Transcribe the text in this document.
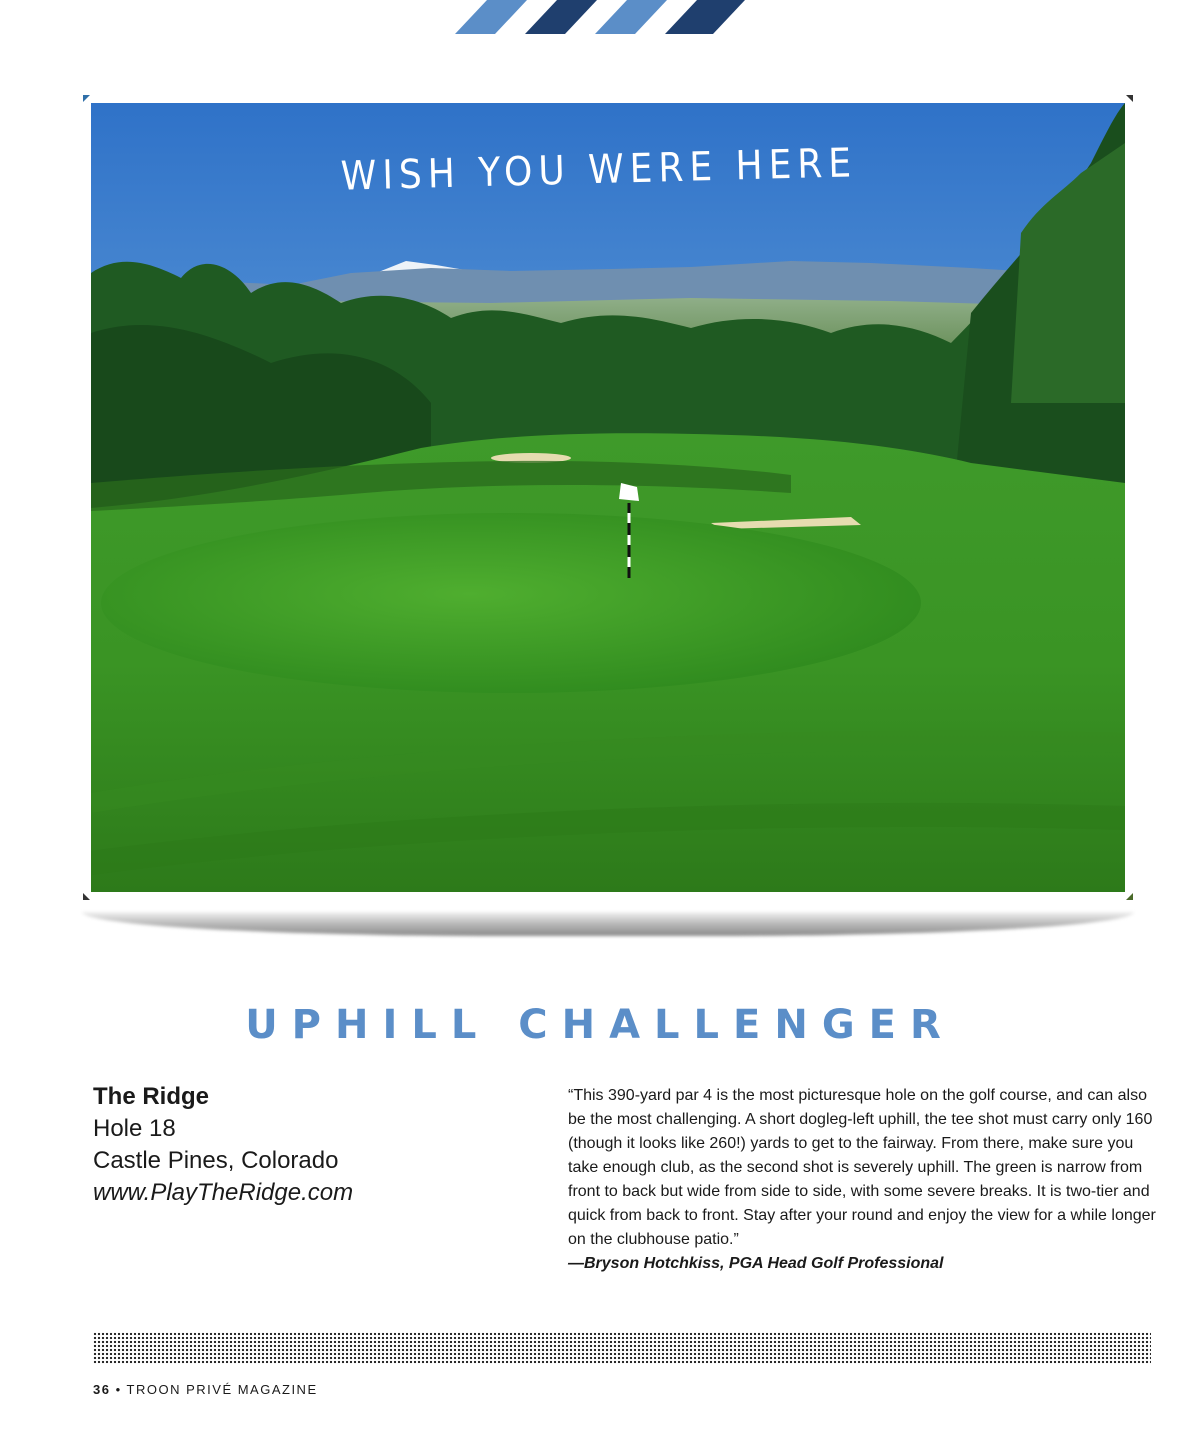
WISH YOU WERE HERE
UPHILL CHALLENGER
The Ridge
Hole 18
Castle Pines, Colorado
www.PlayTheRidge.com
“This 390-yard par 4 is the most picturesque hole on the golf course, and can also be the most challenging. A short dogleg-left uphill, the tee shot must carry only 160 (though it looks like 260!) yards to get to the fairway. From there, make sure you take enough club, as the second shot is severely uphill. The green is narrow from front to back but wide from side to side, with some severe breaks. It is two-tier and quick from back to front. Stay after your round and enjoy the view for a while longer on the clubhouse patio.”
—Bryson Hotchkiss, PGA Head Golf Professional
36 • TROON PRIVÉ MAGAZINE
